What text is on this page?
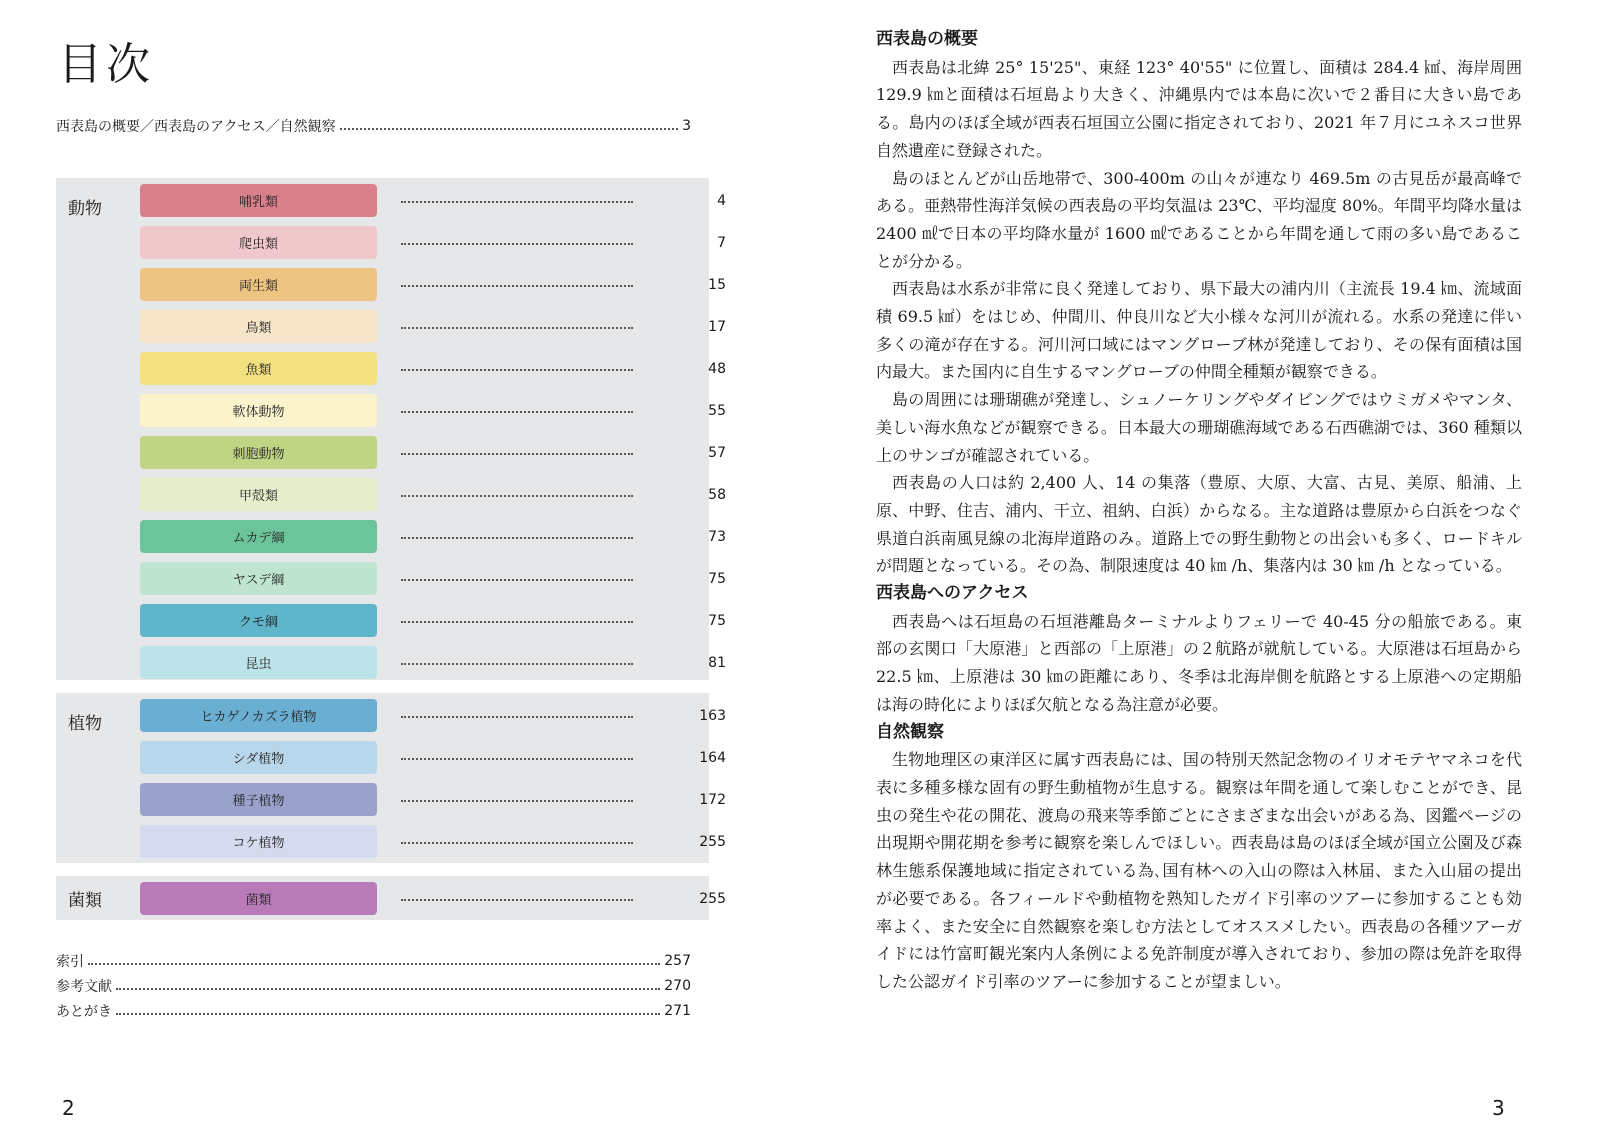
目次
西表島の概要／西表島のアクセス／自然観察	3
動物	哺乳類	4
爬虫類	7
両生類	15
鳥類	17
魚類	48
軟体動物	55
刺胞動物	57
甲殻類	58
ムカデ綱	73
ヤスデ綱	75
クモ綱	75
昆虫	81
植物	ヒカゲノカズラ植物	163
シダ植物	164
種子植物	172
コケ植物	255
菌類	菌類	255
索引	257
参考文献	270
あとがき	271
2
西表島の概要

西表島は北緯 25° 15'25"、東経 123° 40'55" に位置し、面積は 284.4 ㎢、海岸周囲 129.9 ㎞と面積は石垣島より大きく、沖縄県内では本島に次いで２番目に大きい島である。島内のほぼ全域が西表石垣国立公園に指定されており、2021 年７月にユネスコ世界自然遺産に登録された。

島のほとんどが山岳地帯で、300-400m の山々が連なり 469.5m の古見岳が最高峰である。亜熱帯性海洋気候の西表島の平均気温は 23℃、平均湿度 80%。年間平均降水量は 2400 ㎖で日本の平均降水量が 1600 ㎖であることから年間を通して雨の多い島であることが分かる。

西表島は水系が非常に良く発達しており、県下最大の浦内川（主流長 19.4 ㎞、流域面積 69.5 ㎢）をはじめ、仲間川、仲良川など大小様々な河川が流れる。水系の発達に伴い多くの滝が存在する。河川河口域にはマングローブ林が発達しており、その保有面積は国内最大。また国内に自生するマングローブの仲間全種類が観察できる。

島の周囲には珊瑚礁が発達し、シュノーケリングやダイビングではウミガメやマンタ、美しい海水魚などが観察できる。日本最大の珊瑚礁海域である石西礁湖では、360 種類以上のサンゴが確認されている。

西表島の人口は約 2,400 人、14 の集落（豊原、大原、大富、古見、美原、船浦、上原、中野、住吉、浦内、干立、祖納、白浜）からなる。主な道路は豊原から白浜をつなぐ県道白浜南風見線の北海岸道路のみ。道路上での野生動物との出会いも多く、ロードキルが問題となっている。その為、制限速度は 40 ㎞ /h、集落内は 30 ㎞ /h となっている。

西表島へのアクセス

西表島へは石垣島の石垣港離島ターミナルよりフェリーで 40-45 分の船旅である。東部の玄関口「大原港」と西部の「上原港」の２航路が就航している。大原港は石垣島から 22.5 ㎞、上原港は 30 ㎞の距離にあり、冬季は北海岸側を航路とする上原港への定期船は海の時化によりほぼ欠航となる為注意が必要。

自然観察

生物地理区の東洋区に属す西表島には、国の特別天然記念物のイリオモテヤマネコを代表に多種多様な固有の野生動植物が生息する。観察は年間を通して楽しむことができ、昆虫の発生や花の開花、渡鳥の飛来等季節ごとにさまざまな出会いがある為、図鑑ページの出現期や開花期を参考に観察を楽しんでほしい。西表島は島のほぼ全域が国立公園及び森林生態系保護地域に指定されている為､国有林への入山の際は入林届、また入山届の提出が必要である。各フィールドや動植物を熟知したガイド引率のツアーに参加することも効率よく、また安全に自然観察を楽しむ方法としてオススメしたい。西表島の各種ツアーガイドには竹富町観光案内人条例による免許制度が導入されており、参加の際は免許を取得した公認ガイド引率のツアーに参加することが望ましい。

3
